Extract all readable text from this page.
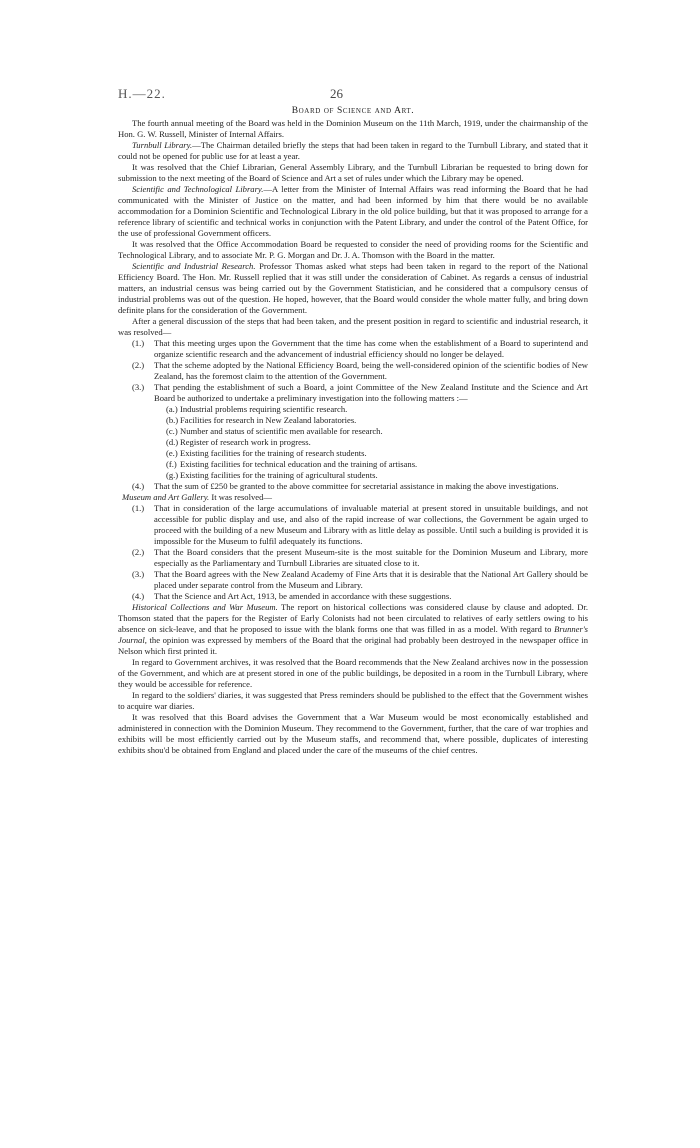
H.—22.	26
Board of Science and Art.

The fourth annual meeting of the Board was held in the Dominion Museum on the 11th March, 1919, under the chairmanship of the Hon. G. W. Russell, Minister of Internal Affairs.

Turnbull Library.—The Chairman detailed briefly the steps that had been taken in regard to the Turnbull Library, and stated that it could not be opened for public use for at least a year.

It was resolved that the Chief Librarian, General Assembly Library, and the Turnbull Librarian be requested to bring down for submission to the next meeting of the Board of Science and Art a set of rules under which the Library may be opened.

Scientific and Technological Library.—A letter from the Minister of Internal Affairs was read informing the Board that he had communicated with the Minister of Justice on the matter, and had been informed by him that there would be no available accommodation for a Dominion Scientific and Technological Library in the old police building, but that it was proposed to arrange for a reference library of scientific and technical works in conjunction with the Patent Library, and under the control of the Patent Office, for the use of professional Government officers.

It was resolved that the Office Accommodation Board be requested to consider the need of providing rooms for the Scientific and Technological Library, and to associate Mr. P. G. Morgan and Dr. J. A. Thomson with the Board in the matter.

Scientific and Industrial Research. Professor Thomas asked what steps had been taken in regard to the report of the National Efficiency Board. The Hon. Mr. Russell replied that it was still under the consideration of Cabinet. As regards a census of industrial matters, an industrial census was being carried out by the Government Statistician, and he considered that a compulsory census of industrial problems was out of the question. He hoped, however, that the Board would consider the whole matter fully, and bring down definite plans for the consideration of the Government.

After a general discussion of the steps that had been taken, and the present position in regard to scientific and industrial research, it was resolved—

(1.) That this meeting urges upon the Government that the time has come when the establishment of a Board to superintend and organize scientific research and the advancement of industrial efficiency should no longer be delayed.
(2.) That the scheme adopted by the National Efficiency Board, being the well-considered opinion of the scientific bodies of New Zealand, has the foremost claim to the attention of the Government.
(3.) That pending the establishment of such a Board, a joint Committee of the New Zealand Institute and the Science and Art Board be authorized to undertake a preliminary investigation into the following matters :—
(a.) Industrial problems requiring scientific research.
(b.) Facilities for research in New Zealand laboratories.
(c.) Number and status of scientific men available for research.
(d.) Register of research work in progress.
(e.) Existing facilities for the training of research students.
(f.) Existing facilities for technical education and the training of artisans.
(g.) Existing facilities for the training of agricultural students.
(4.) That the sum of £250 be granted to the above committee for secretarial assistance in making the above investigations.

Museum and Art Gallery. It was resolved—

(1.) That in consideration of the large accumulations of invaluable material at present stored in unsuitable buildings, and not accessible for public display and use, and also of the rapid increase of war collections, the Government be again urged to proceed with the building of a new Museum and Library with as little delay as possible. Until such a building is provided it is impossible for the Museum to fulfil adequately its functions.
(2.) That the Board considers that the present Museum-site is the most suitable for the Dominion Museum and Library, more especially as the Parliamentary and Turnbull Libraries are situated close to it.
(3.) That the Board agrees with the New Zealand Academy of Fine Arts that it is desirable that the National Art Gallery should be placed under separate control from the Museum and Library.
(4.) That the Science and Art Act, 1913, be amended in accordance with these suggestions.

Historical Collections and War Museum. The report on historical collections was considered clause by clause and adopted. Dr. Thomson stated that the papers for the Register of Early Colonists had not been circulated to relatives of early settlers owing to his absence on sick-leave, and that he proposed to issue with the blank forms one that was filled in as a model. With regard to Brunner's Journal, the opinion was expressed by members of the Board that the original had probably been destroyed in the newspaper office in Nelson which first printed it.

In regard to Government archives, it was resolved that the Board recommends that the New Zealand archives now in the possession of the Government, and which are at present stored in one of the public buildings, be deposited in a room in the Turnbull Library, where they would be accessible for reference.

In regard to the soldiers' diaries, it was suggested that Press reminders should be published to the effect that the Government wishes to acquire war diaries.

It was resolved that this Board advises the Government that a War Museum would be most economically established and administered in connection with the Dominion Museum. They recommend to the Government, further, that the care of war trophies and exhibits will be most efficiently carried out by the Museum staffs, and recommend that, where possible, duplicates of interesting exhibits shou'd be obtained from England and placed under the care of the museums of the chief centres.
